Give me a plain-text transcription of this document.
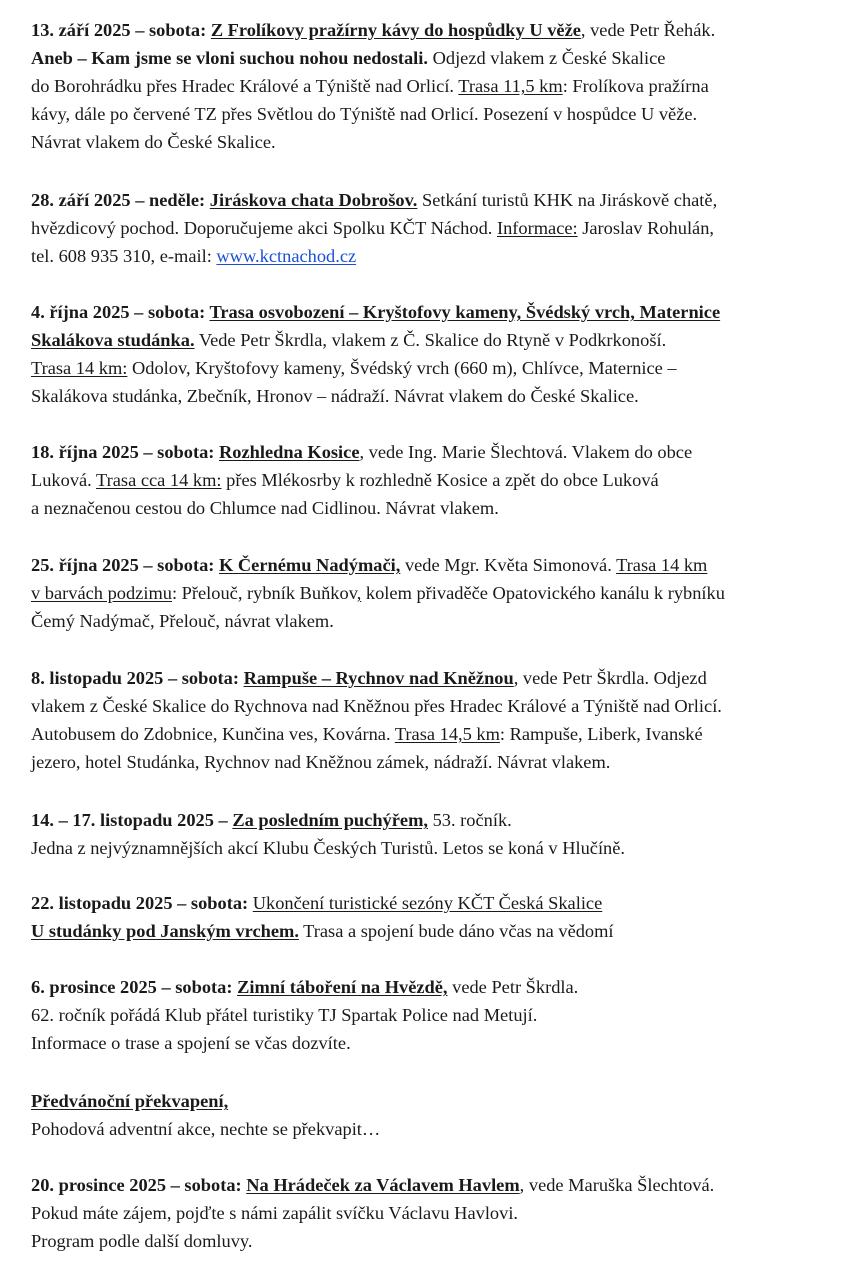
13. září 2025 – sobota: Z Frolíkovy pražírny kávy do hospůdky U věže, vede Petr Řehák.
Aneb – Kam jsme se vloni suchou nohou nedostali. Odjezd vlakem z České Skalice
do Borohrádku přes Hradec Králové a Týniště nad Orlicí. Trasa 11,5 km: Frolíkova pražírna
kávy, dále po červené TZ přes Světlou do Týniště nad Orlicí. Posezení v hospůdce U věže.
Návrat vlakem do České Skalice.
28. září 2025 – neděle: Jiráskova chata Dobrošov. Setkání turistů KHK na Jiráskově chatě,
hvězdicový pochod. Doporučujeme akci Spolku KČT Náchod. Informace: Jaroslav Rohulán,
tel. 608 935 310, e-mail: www.kctnachod.cz
4. října 2025 – sobota: Trasa osvobození – Kryštofovy kameny, Švédský vrch, Maternice
Skalákova studánka. Vede Petr Škrdla, vlakem z Č. Skalice do Rtyně v Podkrkonoší.
Trasa 14 km: Odolov, Kryštofovy kameny, Švédský vrch (660 m), Chlívce, Maternice –
Skalákova studánka, Zbečník, Hronov – nádraží. Návrat vlakem do České Skalice.
18. října 2025 – sobota: Rozhledna Kosice, vede Ing. Marie Šlechtová. Vlakem do obce
Luková. Trasa cca 14 km: přes Mlékosrby k rozhledně Kosice a zpět do obce Luková
a neznačenou cestou do Chlumce nad Cidlinou. Návrat vlakem.
25. října 2025 – sobota: K Černému Nadýmači, vede Mgr. Květa Simonová. Trasa 14 km
v barvách podzimu: Přelouč, rybník Buňkov, kolem přivaděče Opatovického kanálu k rybníku
Čemý Nadýmač, Přelouč, návrat vlakem.
8. listopadu 2025 – sobota: Rampuše – Rychnov nad Kněžnou, vede Petr Škrdla. Odjezd
vlakem z České Skalice do Rychnova nad Kněžnou přes Hradec Králové a Týniště nad Orlicí.
Autobusem do Zdobnice, Kunčina ves, Kovárna. Trasa 14,5 km: Rampuše, Liberk, Ivanské
jezero, hotel Studánka, Rychnov nad Kněžnou zámek, nádraží. Návrat vlakem.
14. – 17. listopadu 2025 – Za posledním puchýřem, 53. ročník.
Jedna z nejvýznamnějších akcí Klubu Českých Turistů. Letos se koná v Hlučíně.
22. listopadu 2025 – sobota: Ukončení turistické sezóny KČT Česká Skalice
U studánky pod Janským vrchem. Trasa a spojení bude dáno včas na vědomí
6. prosince 2025 – sobota: Zimní táboření na Hvězdě, vede Petr Škrdla.
62. ročník pořádá Klub přátel turistiky TJ Spartak Police nad Metují.
Informace o trase a spojení se včas dozvíte.
Předvánoční překvapení,
Pohodová adventní akce, nechte se překvapit…
20. prosince 2025 – sobota: Na Hrádeček za Václavem Havlem, vede Maruška Šlechtová.
Pokud máte zájem, pojďte s námi zapálit svíčku Václavu Havlovi.
Program podle další domluvy.
